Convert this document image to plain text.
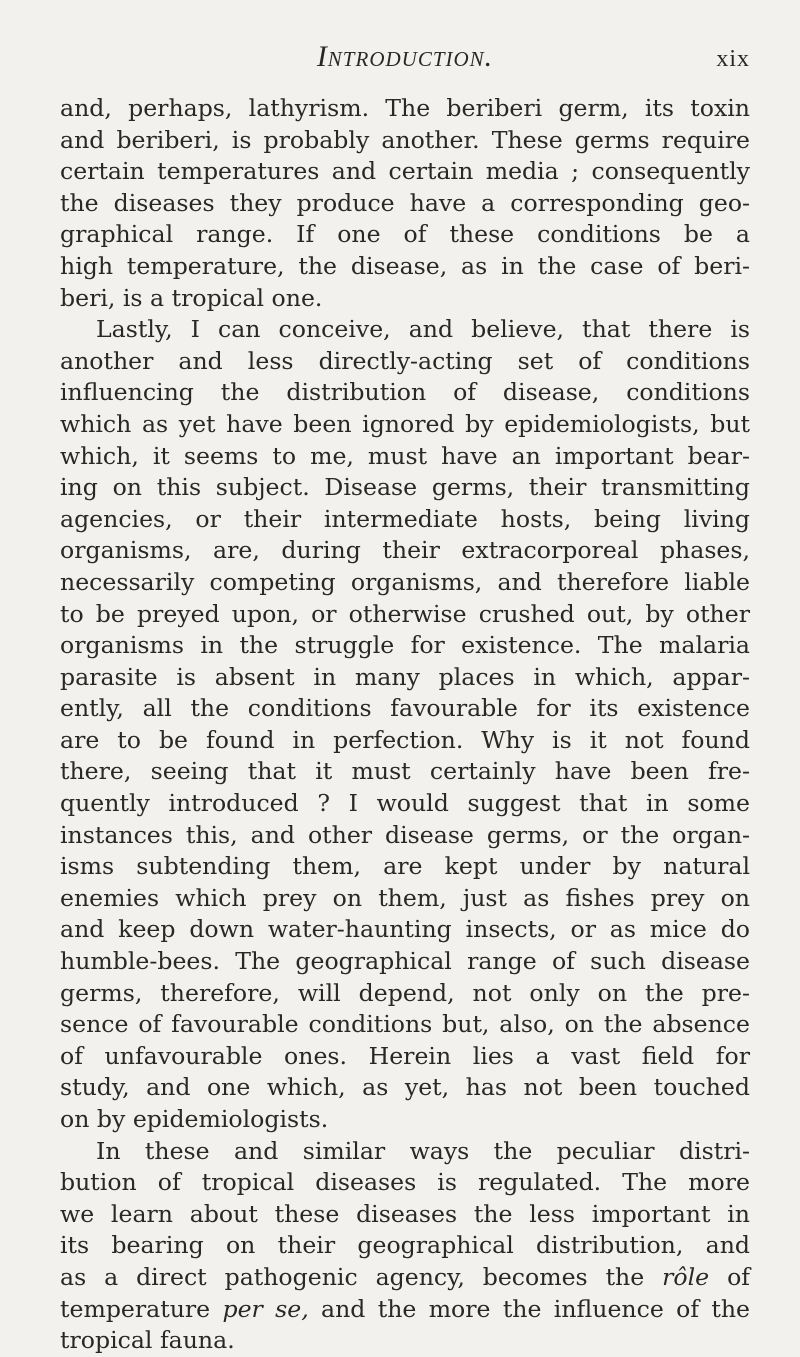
Introduction.	xix
and, perhaps, lathyrism. The beriberi germ, its toxin
and beriberi, is probably another. These germs require
certain temperatures and certain media ; consequently
the diseases they produce have a corresponding geo-
graphical range. If one of these conditions be a
high temperature, the disease, as in the case of beri-
beri, is a tropical one.
Lastly, I can conceive, and believe, that there is
another and less directly-acting set of conditions
influencing the distribution of disease, conditions
which as yet have been ignored by epidemiologists, but
which, it seems to me, must have an important bear-
ing on this subject. Disease germs, their transmitting
agencies, or their intermediate hosts, being living
organisms, are, during their extracorporeal phases,
necessarily competing organisms, and therefore liable
to be preyed upon, or otherwise crushed out, by other
organisms in the struggle for existence. The malaria
parasite is absent in many places in which, appar-
ently, all the conditions favourable for its existence
are to be found in perfection. Why is it not found
there, seeing that it must certainly have been fre-
quently introduced ? I would suggest that in some
instances this, and other disease germs, or the organ-
isms subtending them, are kept under by natural
enemies which prey on them, just as fishes prey on
and keep down water-haunting insects, or as mice do
humble-bees. The geographical range of such disease
germs, therefore, will depend, not only on the pre-
sence of favourable conditions but, also, on the absence
of unfavourable ones. Herein lies a vast field for
study, and one which, as yet, has not been touched
on by epidemiologists.
In these and similar ways the peculiar distri-
bution of tropical diseases is regulated. The more
we learn about these diseases the less important in
its bearing on their geographical distribution, and
as a direct pathogenic agency, becomes the rôle of
temperature per se, and the more the influence of the
tropical fauna.
